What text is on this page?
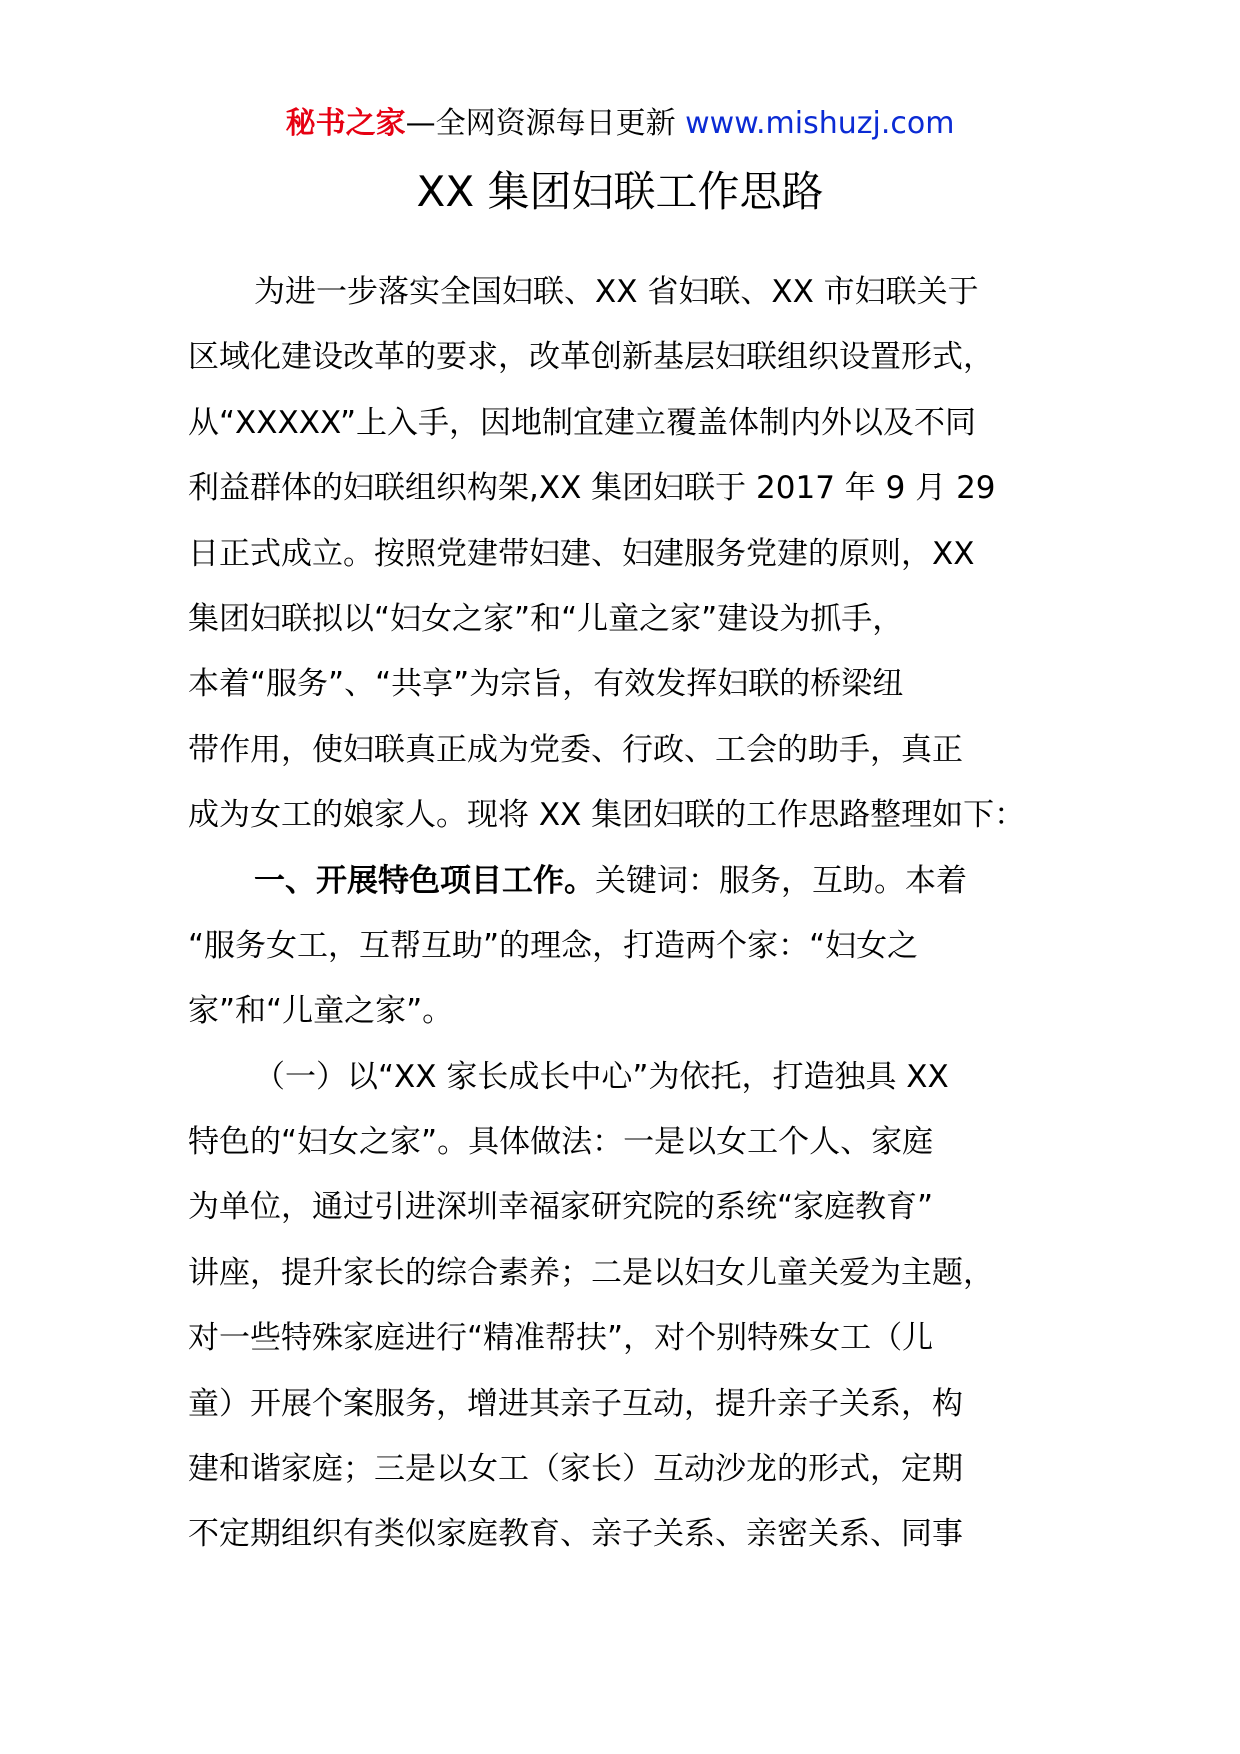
秘书之家—全网资源每日更新 www.mishuzj.com
XX 集团妇联工作思路
为进一步落实全国妇联、XX 省妇联、XX 市妇联关于
区域化建设改革的要求，改革创新基层妇联组织设置形式，
从“XXXXX”上入手，因地制宜建立覆盖体制内外以及不同
利益群体的妇联组织构架,XX 集团妇联于 2017 年 9 月 29
日正式成立。按照党建带妇建、妇建服务党建的原则，XX
集团妇联拟以“妇女之家”和“儿童之家”建设为抓手，
本着“服务”、“共享”为宗旨，有效发挥妇联的桥梁纽
带作用，使妇联真正成为党委、行政、工会的助手，真正
成为女工的娘家人。现将 XX 集团妇联的工作思路整理如下：
一、开展特色项目工作。关键词：服务，互助。本着
“服务女工，互帮互助”的理念，打造两个家：“妇女之
家”和“儿童之家”。
（一）以“XX 家长成长中心”为依托，打造独具 XX
特色的“妇女之家”。具体做法：一是以女工个人、家庭
为单位，通过引进深圳幸福家研究院的系统“家庭教育”
讲座，提升家长的综合素养；二是以妇女儿童关爱为主题，
对一些特殊家庭进行“精准帮扶”，对个别特殊女工（儿
童）开展个案服务，增进其亲子互动，提升亲子关系，构
建和谐家庭；三是以女工（家长）互动沙龙的形式，定期
不定期组织有类似家庭教育、亲子关系、亲密关系、同事
